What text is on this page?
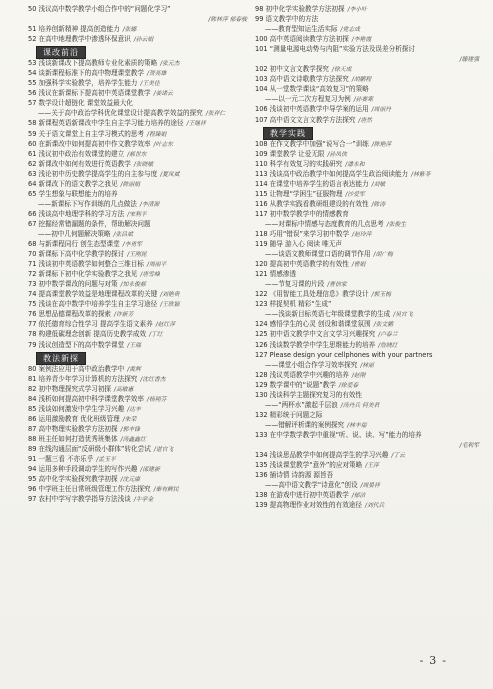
50 浅议高中数学教学小组合作中的“问题化学习”
/陈林萍 郁春骏
51 培养创新精神 提高创造能力 /张娜
52 在高中地理教学中渗透环保意识 /孙云娟
课改前沿
53 浅谈新课改下提高教师专业化素质的策略 /张元杰
54 谈新课程标准下的高中物理课堂教学 /贺亮雄
55 加强科学实验教学，培养学生能力 /王美佳
56 浅议在新课标下提高初中英语课堂教学 /姜诺云
57 数学设计超链化 课堂效益最大化
——关于高中政治学科优化课堂设计提高教学效益的探究 /张祥仁
58 新课程英语新课改中学生自主学习能力培养的途径 /王继祥
59 关于语文课堂上自主学习模式的思考 /程臻娟
60 在新课改中如何提高初中作文教学效率 /叶志东
61 浅议初中政治有效课堂的建立 /郝世东
62 新课改中如何有效进行英语教学 /张晓敏
63 浅论初中历史教学提高学生的自主参与度 /夏凤斌
64 新课改下的语文教学之我见 /陈丽娟
65 学生想象与联想能力的培养
——新课标下写作训练的几点做法 /李清源
66 浅谈高中地理学科的学习方法 /宋利平
67 挖掘经常错漏题的条件，帮助解决问题
——初中几何题解决策略 /张昌斌
68 与新课程同行 创生态型课堂 /李勇军
70 新课标下高中化学教学的探讨 /王刚昆
71 浅谈初中英语教学如何整合三维目标 /周丽平
72 新课标下初中化学实验教学之我见 /唐雪峰
73 初中数学课改的问题与对策 /知永俊郝
74 提高课堂教学效益是地理课程改革的关键 /刘艳贵
75 浅谈在高中数学中培养学生自主学习途径 /王欣颖
76 思想品德课程改革的探索 /许新芳
77 依托德育综合性学习 提高学生语文素养 /赵红萍
78 构建低碳理念创新 提高历史教学成效 /丁红
79 浅议创造型下的高中数学课堂 /王瑞
教法新探
80 案例法应用于高中政治教学中 /黄辉
81 培养青少年学习计算机的方法探究 /沈红香杰
82 初中物理探究式学习初探 /高敏惠
84 浅析如何提高初中科学课堂教学效率 /杨翔芬
85 浅谈如何激发中学生学习兴趣 /达丰
86 运用激励教育 优化班级管理 /朱荣
87 高中物理实验教学方法初探 /郭丰锋
88 班主任如何打造优秀班集体 /汤鑫鑫红
89 在线沟通层面“反研级小群体”转化尝试 /谌官飞
91 一题三看 不亦乐乎 /孟玉平
94 运用多种手段调动学生的写作兴趣 /邵建新
95 高中化学实验探究教学初探 /沈元康
96 中学班主任日常班级管理工作方法探究 /秦有鲜民
97 农村中学写字教学指导方法浅谈 /牛学金
98 初中化学实验教学方法初探 /李小叶
99 语文教学中的方法
——教育型知运生活实际 /党志成
100 高中英语阅读教学方法初探 /李艳霞
101 “测量电源电动势与内阻”实验方法及误差分析探讨
/滕建强
102 初中文言文教学探究 /徐天成
103 高中语文诗歌教学方法探究 /胡鹏程
104 从一堂数学课谈“高效复习”的策略
——以一元二次方程复习为例 /孙赛寒
106 浅谈初中英语教学中导学案的运用 /周丽丹
107 高中语文文言文教学方法探究 /唐然
教学实践
108 在作文教学中加强“说写合一”训练 /陈艳萍
109 课堂教学 让爱无限 /孙凤侠
110 科学有效复习的实践研究 /潘永和
113 浅谈高中政治教学中如何提高学生政治阅读能力 /林紫苓
114 在课堂中培养学生的语言表达能力 /刘敏
115 让物理“学困生”征服物理 /沙爱军
116 从教学实践看教研组建设的有效性 /陈涛
117 初中数学教学中的情感教育
——对课标中情感与态度教育的几点思考 /张俊生
118 巧用“错误”来学习初中数学 /赵玲萍
119 随导 游入心 阅读 唯无声
——谈语文教师课堂口语的调节作用 /胡广梅
120 提高初中英语教学的有效性 /曹娟
121 情感渗透
——节复习课的片段 /曹信家
122 《用智能工具处理信息》教学设计 /郭玉梅
123 样捉契机 精彩“生成”
——浅谈新目标英语七年级课堂教学的生成 /吴官飞
124 感悟学生的心灵 创设和谐课堂氛围 /张文鹏
125 初中语文教学中文言文学习兴趣探究 /卢春兰
126 浅谈数学教学中学生思维能力的培养 /詹晓红
127 Please design your cellphones with your partners
——课堂小组合作学习效率探究 /林丽
128 浅议英语教学中兴趣的培养 /赵刚
129 数学课中的“说题”教学 /徐爱春
130 浅谈科学主题探究复习的有效性
——“两杯水”激起千层浪 /汤丹兵 何美君
132 精彩统于问题之际
——错解评析课的案例探究 /林丰福
133 在中学数学教学中重视“听、说、读、写”能力的培养
/毛利军
134 浅谈思品教学中如何提高学生的学习兴趣 /丁云
135 浅谈课堂教学“意外”的应对策略 /王萍
136 插诗情 诗韵源 源旨吾
——高中语文教学“诗意化”创设 /周晏祥
138 在游戏中进行初中英语教学 /郁洁
139 提高物理作业对效性的有效途径 /刘代兵
- 3 -
